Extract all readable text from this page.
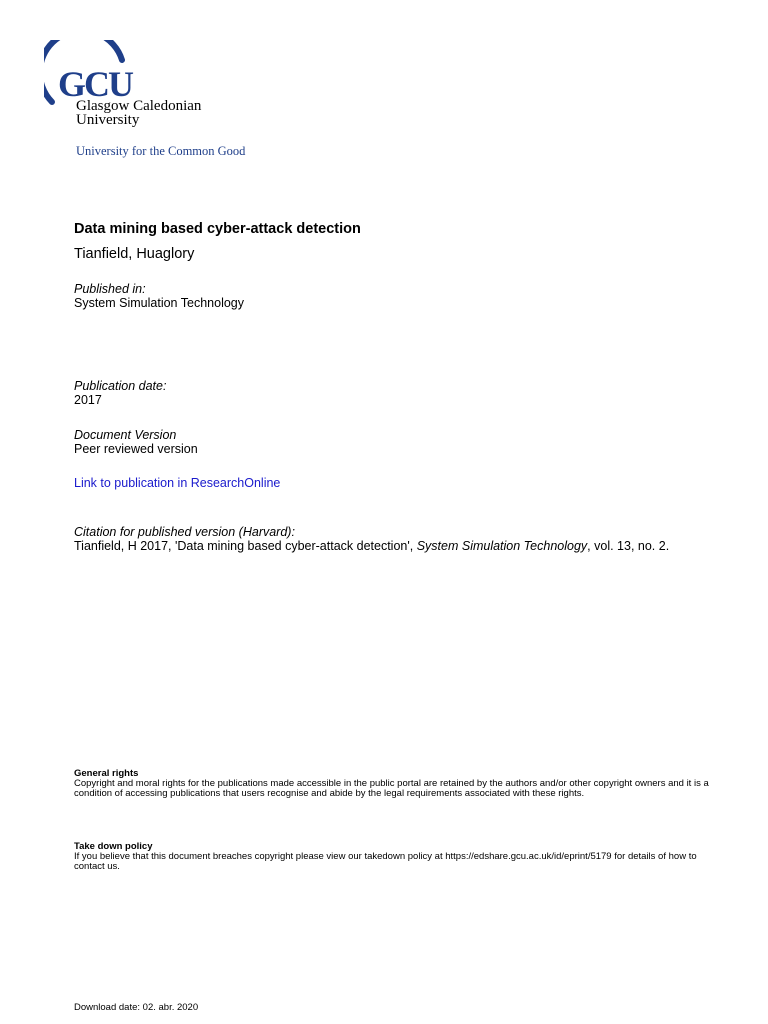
GCU
Glasgow Caledonian
University
University for the Common Good
Data mining based cyber-attack detection
Tianfield, Huaglory
Published in:
System Simulation Technology
Publication date:
2017
Document Version
Peer reviewed version
Link to publication in ResearchOnline
Citation for published version (Harvard):
Tianfield, H 2017, 'Data mining based cyber-attack detection', System Simulation Technology, vol. 13, no. 2.
General rights
Copyright and moral rights for the publications made accessible in the public portal are retained by the authors and/or other copyright owners and it is a condition of accessing publications that users recognise and abide by the legal requirements associated with these rights.
Take down policy
If you believe that this document breaches copyright please view our takedown policy at https://edshare.gcu.ac.uk/id/eprint/5179 for details of how to contact us.
Download date: 02. abr. 2020
